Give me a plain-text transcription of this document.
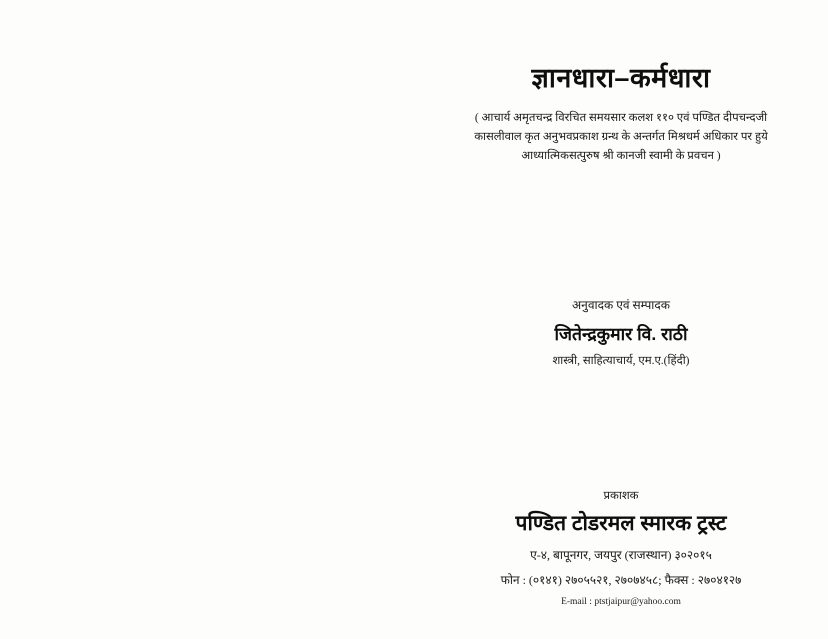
ज्ञानधारा–कर्मधारा
( आचार्य अमृतचन्द्र विरचित समयसार कलश ११० एवं पण्डित दीपचन्दजी
कासलीवाल कृत अनुभवप्रकाश ग्रन्थ के अन्तर्गत मिश्रधर्म अधिकार पर हुये
आध्यात्मिकसत्पुरुष श्री कानजी स्वामी के प्रवचन )
अनुवादक एवं सम्पादक
जितेन्द्रकुमार वि. राठी
शास्त्री, साहित्याचार्य, एम.ए.(हिंदी)
प्रकाशक
पण्डित टोडरमल स्मारक ट्रस्ट
ए-४, बापूनगर, जयपुर (राजस्थान) ३०२०१५
फोन : (०१४१) २७०५५२१, २७०७४५८; फैक्स : २७०४१२७
E-mail : ptstjaipur@yahoo.com
